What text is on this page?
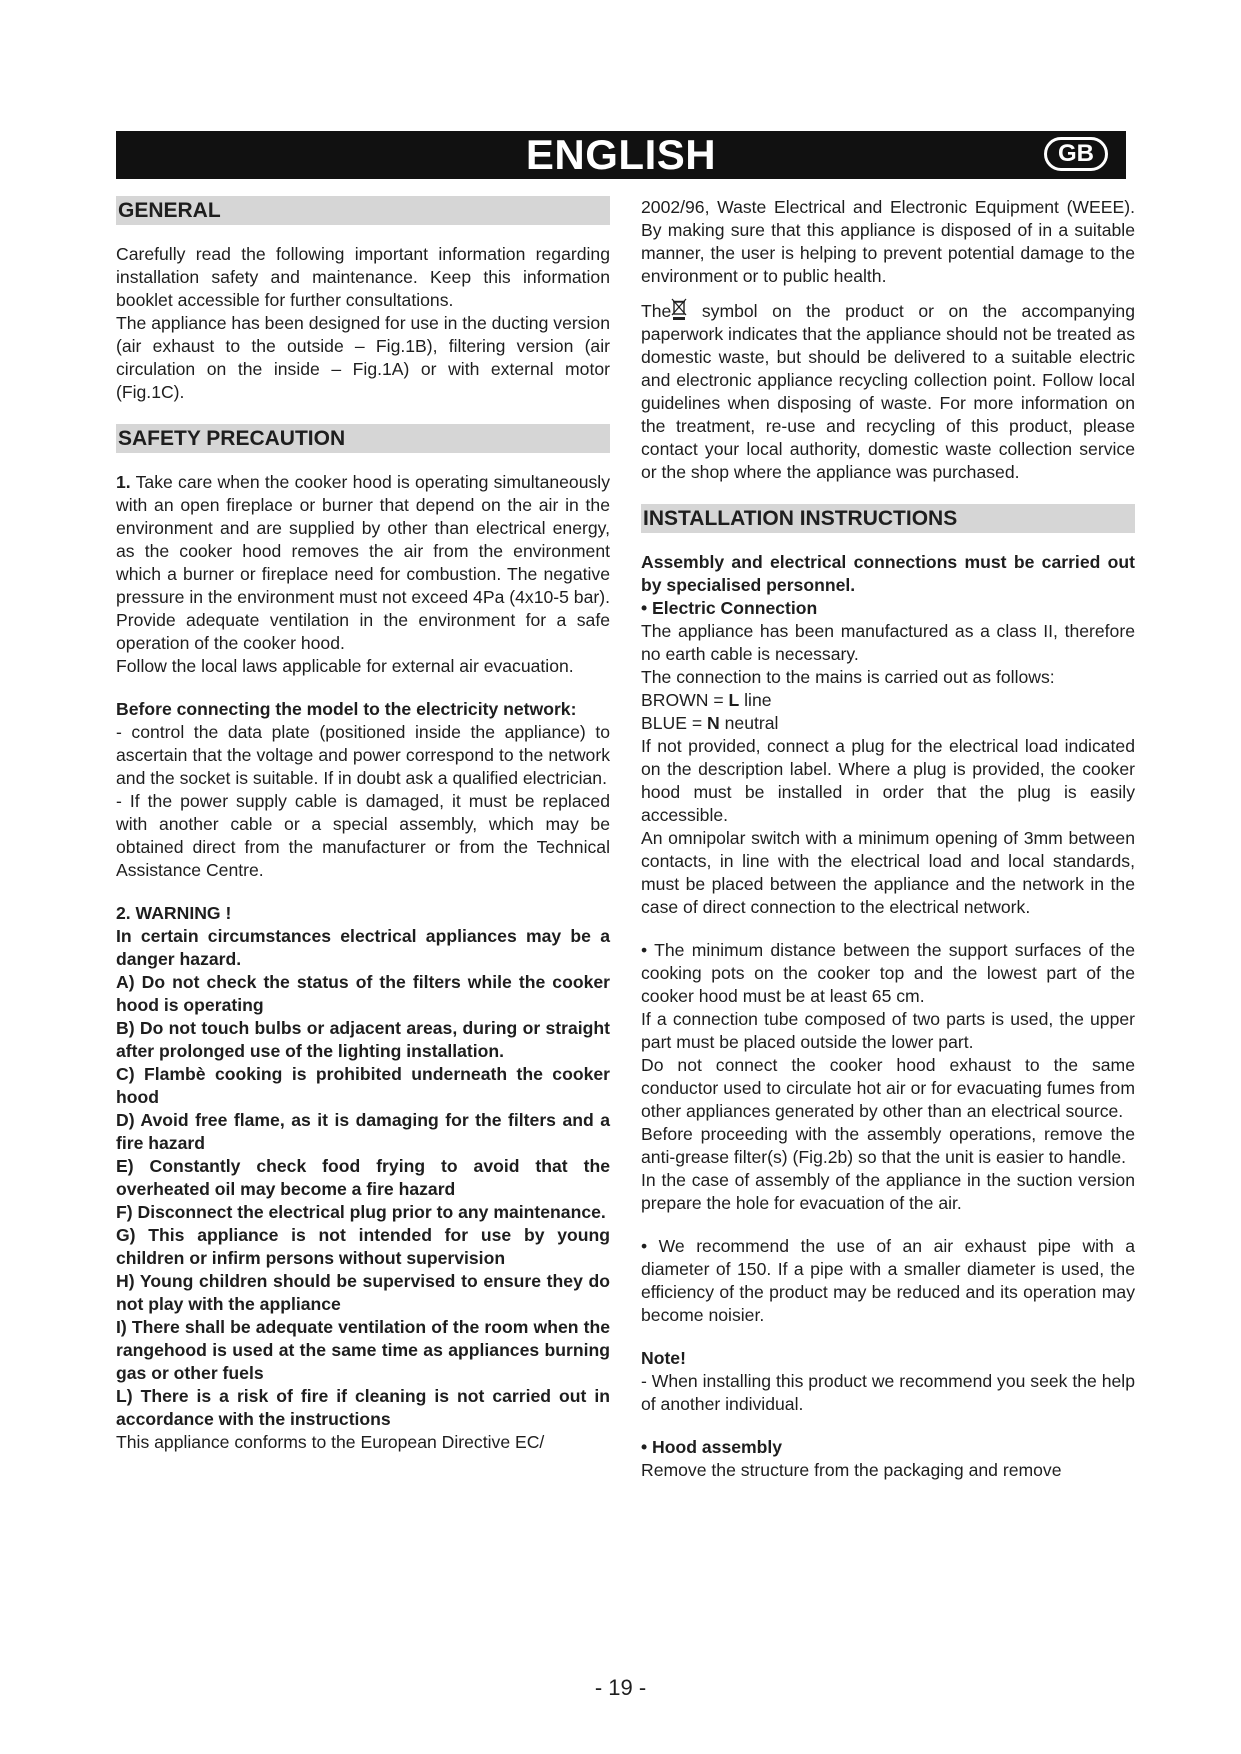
ENGLISH	GB
GENERAL

Carefully read the following important information regarding installation safety and maintenance. Keep this information booklet accessible for further consultations.

The appliance has been designed for use in the ducting version (air exhaust to the outside – Fig.1B), filtering version (air circulation on the inside – Fig.1A) or with external motor (Fig.1C).

SAFETY PRECAUTION

1. Take care when the cooker hood is operating simultaneously with an open fireplace or burner that depend on the air in the environment and are supplied by other than electrical energy, as the cooker hood removes the air from the environment which a burner or fireplace need for combustion. The negative pressure in the environment must not exceed 4Pa (4x10-5 bar). Provide adequate ventilation in the environment for a safe operation of the cooker hood.

Follow the local laws applicable for external air evacuation.

Before connecting the model to the electricity network:

- control the data plate (positioned inside the appliance) to ascertain that the voltage and power correspond to the network and the socket is suitable. If in doubt ask a qualified electrician.

- If the power supply cable is damaged, it must be replaced with another cable or a special assembly, which may be obtained direct from the manufacturer or from the Technical Assistance Centre.

2. WARNING !

In certain circumstances electrical appliances may be a danger hazard.

A) Do not check the status of the filters while the cooker hood is operating

B) Do not touch bulbs or adjacent areas, during or straight after prolonged use of the lighting installation.

C) Flambè cooking is prohibited underneath the cooker hood

D) Avoid free flame, as it is damaging for the filters and a fire hazard

E) Constantly check food frying to avoid that the overheated oil may become a fire hazard

F) Disconnect the electrical plug prior to any maintenance.

G) This appliance is not intended for use by young children or infirm persons without supervision

H) Young children should be supervised to ensure they do not play with the appliance

I) There shall be adequate ventilation of the room when the rangehood is used at the same time as appliances burning gas or other fuels

L) There is a risk of fire if cleaning is not carried out in accordance with the instructions

This appliance conforms to the European Directive EC/

2002/96, Waste Electrical and Electronic Equipment (WEEE). By making sure that this appliance is disposed of in a suitable manner, the user is helping to prevent potential damage to the environment or to public health.

The symbol on the product or on the accompanying paperwork indicates that the appliance should not be treated as domestic waste, but should be delivered to a suitable electric and electronic appliance recycling collection point. Follow local guidelines when disposing of waste. For more information on the treatment, re-use and recycling of this product, please contact your local authority, domestic waste collection service or the shop where the appliance was purchased.

INSTALLATION INSTRUCTIONS

Assembly and electrical connections must be carried out by specialised personnel.

• Electric Connection

The appliance has been manufactured as a class II, therefore no earth cable is necessary.

The connection to the mains is carried out as follows:

BROWN = L line

BLUE = N neutral

If not provided, connect a plug for the electrical load indicated on the description label. Where a plug is provided, the cooker hood must be installed in order that the plug is easily accessible.

An omnipolar switch with a minimum opening of 3mm between contacts, in line with the electrical load and local standards, must be placed between the appliance and the network in the case of direct connection to the electrical network.

• The minimum distance between the support surfaces of the cooking pots on the cooker top and the lowest part of the cooker hood must be at least 65 cm.

If a connection tube composed of two parts is used, the upper part must be placed outside the lower part.

Do not connect the cooker hood exhaust to the same conductor used to circulate hot air or for evacuating fumes from other appliances generated by other than an electrical source.

Before proceeding with the assembly operations, remove the anti-grease filter(s) (Fig.2b) so that the unit is easier to handle.

In the case of assembly of the appliance in the suction version prepare the hole for evacuation of the air.

• We recommend the use of an air exhaust pipe with a diameter of 150. If a pipe with a smaller diameter is used, the efficiency of the product may be reduced and its operation may become noisier.

Note!

- When installing this product we recommend you seek the help of another individual.

• Hood assembly

Remove the structure from the packaging and remove

- 19 -
